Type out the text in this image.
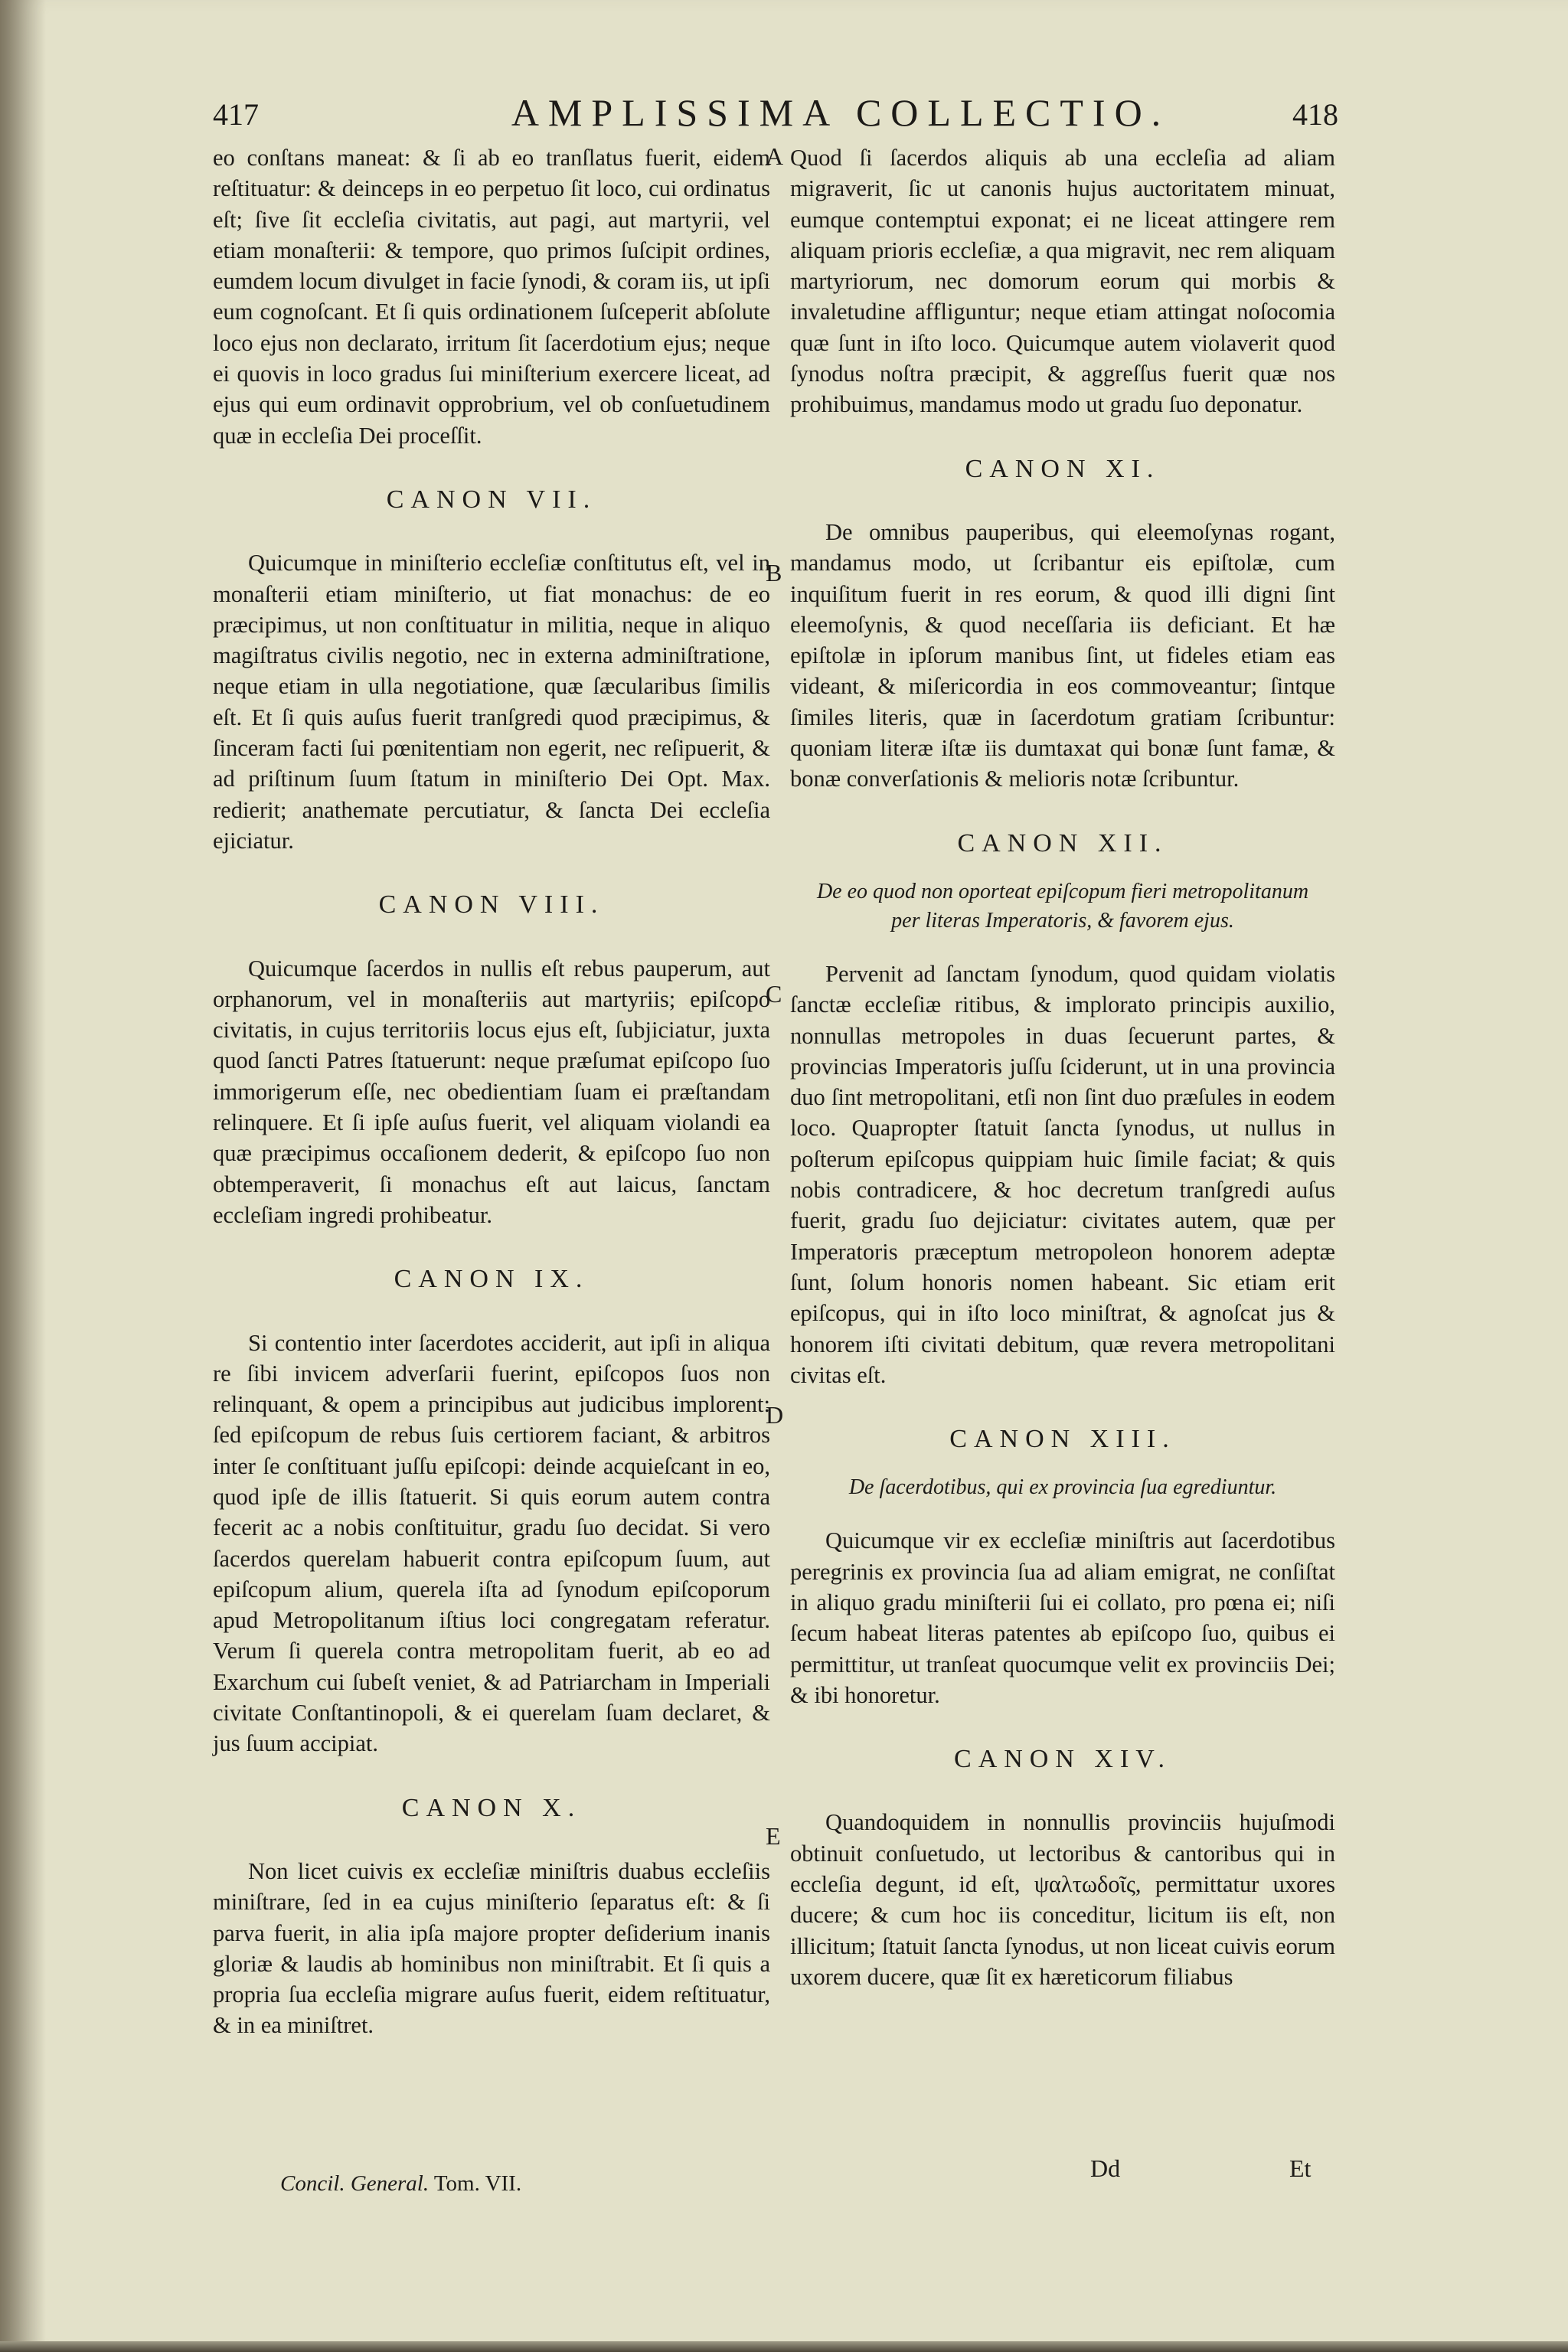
417	AMPLISSIMA COLLECTIO.	418

eo conſtans maneat: & ſi ab eo tranſlatus fuerit, eidem reſtituatur: & deinceps in eo perpetuo ſit loco, cui ordinatus eſt; ſive ſit eccleſia civitatis, aut pagi, aut martyrii, vel etiam monaſterii: & tempore, quo primos ſuſcipit ordines, eumdem locum divulget in facie ſynodi, & coram iis, ut ipſi eum cognoſcant. Et ſi quis ordinationem ſuſceperit abſolute loco ejus non declarato, irritum ſit ſacerdotium ejus; neque ei quovis in loco gradus ſui miniſterium exercere liceat, ad ejus qui eum ordinavit opprobrium, vel ob conſuetudinem quæ in eccleſia Dei proceſſit.

CANON VII.

Quicumque in miniſterio eccleſiæ conſtitutus eſt, vel in monaſterii etiam miniſterio, ut fiat monachus: de eo præcipimus, ut non conſtituatur in militia, neque in aliquo magiſtratus civilis negotio, nec in externa adminiſtratione, neque etiam in ulla negotiatione, quæ ſæcularibus ſimilis eſt. Et ſi quis auſus fuerit tranſgredi quod præcipimus, & ſinceram facti ſui pœnitentiam non egerit, nec reſipuerit, & ad priſtinum ſuum ſtatum in miniſterio Dei Opt. Max. redierit; anathemate percutiatur, & ſancta Dei eccleſia ejiciatur.

CANON VIII.

Quicumque ſacerdos in nullis eſt rebus pauperum, aut orphanorum, vel in monaſteriis aut martyriis; epiſcopo civitatis, in cujus territoriis locus ejus eſt, ſubjiciatur, juxta quod ſancti Patres ſtatuerunt: neque præſumat epiſcopo ſuo immorigerum eſſe, nec obedientiam ſuam ei præſtandam relinquere. Et ſi ipſe auſus fuerit, vel aliquam violandi ea quæ præcipimus occaſionem dederit, & epiſcopo ſuo non obtemperaverit, ſi monachus eſt aut laicus, ſanctam eccleſiam ingredi prohibeatur.

CANON IX.

Si contentio inter ſacerdotes acciderit, aut ipſi in aliqua re ſibi invicem adverſarii fuerint, epiſcopos ſuos non relinquant, & opem a principibus aut judicibus implorent: ſed epiſcopum de rebus ſuis certiorem faciant, & arbitros inter ſe conſtituant juſſu epiſcopi: deinde acquieſcant in eo, quod ipſe de illis ſtatuerit. Si quis eorum autem contra fecerit ac a nobis conſtituitur, gradu ſuo decidat. Si vero ſacerdos querelam habuerit contra epiſcopum ſuum, aut epiſcopum alium, querela iſta ad ſynodum epiſcoporum apud Metropolitanum iſtius loci congregatam referatur. Verum ſi querela contra metropolitam fuerit, ab eo ad Exarchum cui ſubeſt veniet, & ad Patriarcham in Imperiali civitate Conſtantinopoli, & ei querelam ſuam declaret, & jus ſuum accipiat.

CANON X.

Non licet cuivis ex eccleſiæ miniſtris duabus eccleſiis miniſtrare, ſed in ea cujus miniſterio ſeparatus eſt: & ſi parva fuerit, in alia ipſa majore propter deſiderium inanis gloriæ & laudis ab hominibus non miniſtrabit. Et ſi quis a propria ſua eccleſia migrare auſus fuerit, eidem reſtituatur, & in ea miniſtret.

Quod ſi ſacerdos aliquis ab una eccleſia ad aliam migraverit, ſic ut canonis hujus auctoritatem minuat, eumque contemptui exponat; ei ne liceat attingere rem aliquam prioris eccleſiæ, a qua migravit, nec rem aliquam martyriorum, nec domorum eorum qui morbis & invaletudine affliguntur; neque etiam attingat noſocomia quæ ſunt in iſto loco. Quicumque autem violaverit quod ſynodus noſtra præcipit, & aggreſſus fuerit quæ nos prohibuimus, mandamus modo ut gradu ſuo deponatur.

CANON XI.

De omnibus pauperibus, qui eleemoſynas rogant, mandamus modo, ut ſcribantur eis epiſtolæ, cum inquiſitum fuerit in res eorum, & quod illi digni ſint eleemoſynis, & quod neceſſaria iis deficiant. Et hæ epiſtolæ in ipſorum manibus ſint, ut fideles etiam eas videant, & miſericordia in eos commoveantur; ſintque ſimiles literis, quæ in ſacerdotum gratiam ſcribuntur: quoniam literæ iſtæ iis dumtaxat qui bonæ ſunt famæ, & bonæ converſationis & melioris notæ ſcribuntur.

CANON XII.
De eo quod non oporteat epiſcopum fieri metropolitanum per literas Imperatoris, & favorem ejus.

Pervenit ad ſanctam ſynodum, quod quidam violatis ſanctæ eccleſiæ ritibus, & implorato principis auxilio, nonnullas metropoles in duas ſecuerunt partes, & provincias Imperatoris juſſu ſciderunt, ut in una provincia duo ſint metropolitani, etſi non ſint duo præſules in eodem loco. Quapropter ſtatuit ſancta ſynodus, ut nullus in poſterum epiſcopus quippiam huic ſimile faciat; & quis nobis contradicere, & hoc decretum tranſgredi auſus fuerit, gradu ſuo dejiciatur: civitates autem, quæ per Imperatoris præceptum metropoleon honorem adeptæ ſunt, ſolum honoris nomen habeant. Sic etiam erit epiſcopus, qui in iſto loco miniſtrat, & agnoſcat jus & honorem iſti civitati debitum, quæ revera metropolitani civitas eſt.

CANON XIII.
De ſacerdotibus, qui ex provincia ſua egrediuntur.

Quicumque vir ex eccleſiæ miniſtris aut ſacerdotibus peregrinis ex provincia ſua ad aliam emigrat, ne conſiſtat in aliquo gradu miniſterii ſui ei collato, pro pœna ei; niſi ſecum habeat literas patentes ab epiſcopo ſuo, quibus ei permittitur, ut tranſeat quocumque velit ex provinciis Dei; & ibi honoretur.

CANON XIV.

Quandoquidem in nonnullis provinciis hujuſmodi obtinuit conſuetudo, ut lectoribus & cantoribus qui in eccleſia degunt, id eſt, ψαλτωδοῖς, permittatur uxores ducere; & cum hoc iis conceditur, licitum iis eſt, non illicitum; ſtatuit ſancta ſynodus, ut non liceat cuivis eorum uxorem ducere, quæ ſit ex hæreticorum filiabus

A
B
C
D
E
Concil. General. Tom. VII.
Dd	Et
